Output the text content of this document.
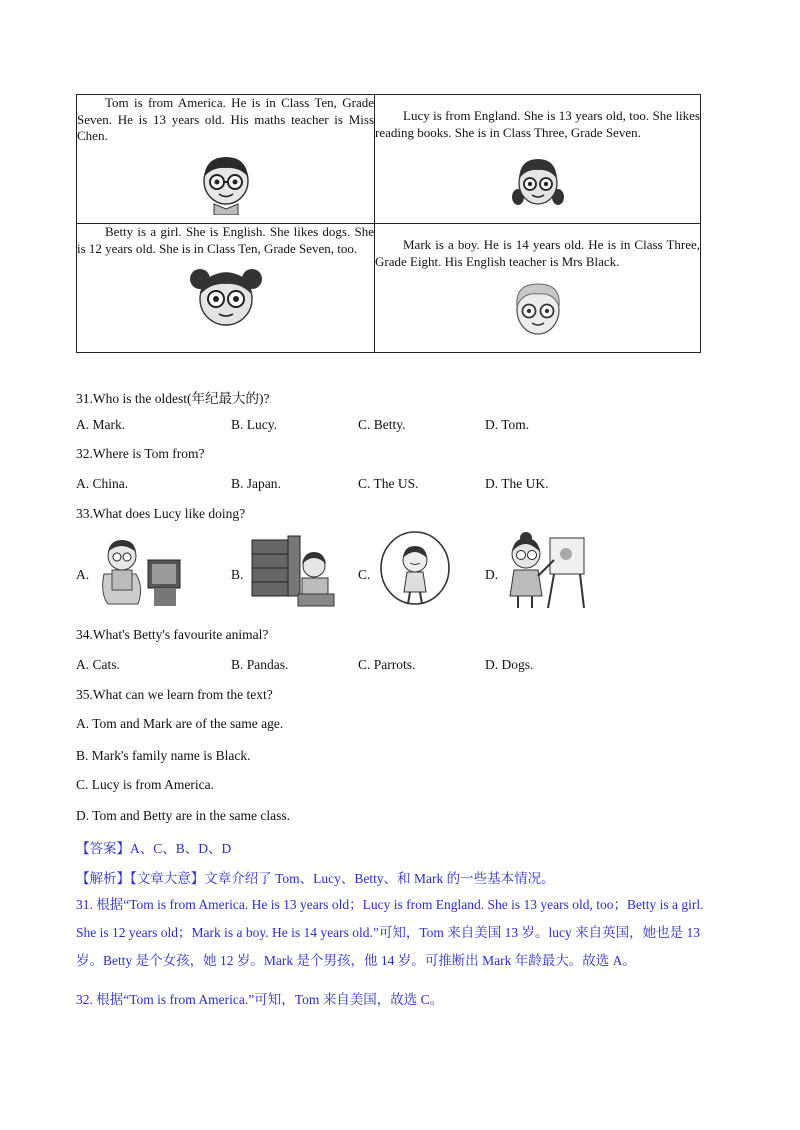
Tom is from America. He is in Class Ten, Grade Seven. He is 13 years old. His maths teacher is Miss Chen.	Lucy is from England. She is 13 years old, too. She likes reading books. She is in Class Three, Grade Seven.

Betty is a girl. She is English. She likes dogs. She is 12 years old. She is in Class Ten, Grade Seven, too.	Mark is a boy. He is 14 years old. He is in Class Three, Grade Eight. His English teacher is Mrs Black.

31.Who is the oldest(年纪最大的)?
A. Mark.	B. Lucy.	C. Betty.	D. Tom.
32.Where is Tom from?
A. China.	B. Japan.	C. The US.	D. The UK.
33.What does Lucy like doing?
A.	B.	C.	D.
34.What's Betty's favourite animal?
A. Cats.	B. Pandas.	C. Parrots.	D. Dogs.
35.What can we learn from the text?
A. Tom and Mark are of the same age.
B. Mark's family name is Black.
C. Lucy is from America.
D. Tom and Betty are in the same class.
【答案】A、C、B、D、D
【解析】【文章大意】文章介绍了 Tom、Lucy、Betty、和 Mark 的一些基本情况。
31. 根据“Tom is from America. He is 13 years old；Lucy is from England. She is 13 years old, too；Betty is a girl. She is 12 years old；Mark is a boy. He is 14 years old.”可知，Tom 来自美国 13 岁。lucy 来自英国，她也是 13 岁。Betty 是个女孩，她 12 岁。Mark 是个男孩，他 14 岁。可推断出 Mark 年龄最大。故选 A。
32. 根据“Tom is from America.”可知，Tom 来自美国，故选 C。
